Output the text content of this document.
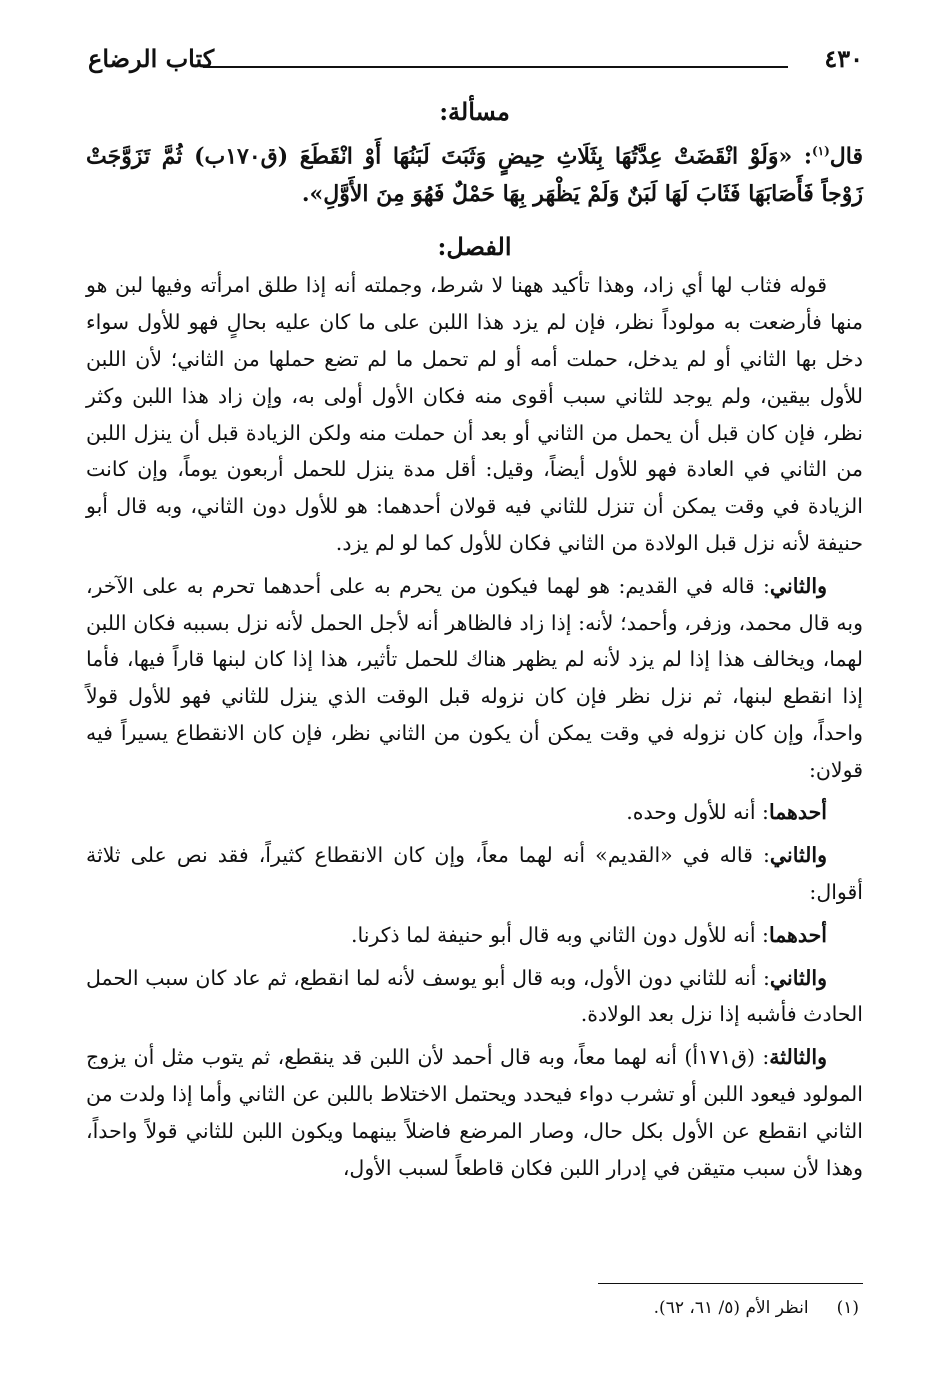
٤٣٠
كتاب الرضاع
مسألة:

قال$^{(١)}$: «وَلَوْ انْقَضَتْ عِدَّتُهَا بِثَلَاثِ حِيضٍ وَثَبَتَ لَبَنُهَا أَوْ انْقَطَعَ (ق١٧٠ب) ثُمَّ تَزَوَّجَتْ زَوْجاً فَأَصَابَهَا فَثَابَ لَهَا لَبَنٌ وَلَمْ يَظْهَر بِهَا حَمْلٌ فَهُوَ مِنَ الأَوَّلِ».

الفصل:

قوله فثاب لها أي زاد، وهذا تأكيد ههنا لا شرط، وجملته أنه إذا طلق امرأته وفيها لبن هو منها فأرضعت به مولوداً نظر، فإن لم يزد هذا اللبن على ما كان عليه بحالٍ فهو للأول سواء دخل بها الثاني أو لم يدخل، حملت أمه أو لم تحمل ما لم تضع حملها من الثاني؛ لأن اللبن للأول بيقين، ولم يوجد للثاني سبب أقوى منه فكان الأول أولى به، وإن زاد هذا اللبن وكثر نظر، فإن كان قبل أن يحمل من الثاني أو بعد أن حملت منه ولكن الزيادة قبل أن ينزل اللبن من الثاني في العادة فهو للأول أيضاً، وقيل: أقل مدة ينزل للحمل أربعون يوماً، وإن كانت الزيادة في وقت يمكن أن تنزل للثاني فيه قولان أحدهما: هو للأول دون الثاني، وبه قال أبو حنيفة لأنه نزل قبل الولادة من الثاني فكان للأول كما لو لم يزد.

والثاني: قاله في القديم: هو لهما فيكون من يحرم به على أحدهما تحرم به على الآخر، وبه قال محمد، وزفر، وأحمد؛ لأنه: إذا زاد فالظاهر أنه لأجل الحمل لأنه نزل بسببه فكان اللبن لهما، ويخالف هذا إذا لم يزد لأنه لم يظهر هناك للحمل تأثير، هذا إذا كان لبنها قاراً فيها، فأما إذا انقطع لبنها، ثم نزل نظر فإن كان نزوله قبل الوقت الذي ينزل للثاني فهو للأول قولاً واحداً، وإن كان نزوله في وقت يمكن أن يكون من الثاني نظر، فإن كان الانقطاع يسيراً فيه قولان:

أحدهما: أنه للأول وحده.

والثاني: قاله في «القديم» أنه لهما معاً، وإن كان الانقطاع كثيراً، فقد نص على ثلاثة أقوال:

أحدهما: أنه للأول دون الثاني وبه قال أبو حنيفة لما ذكرنا.

والثاني: أنه للثاني دون الأول، وبه قال أبو يوسف لأنه لما انقطع، ثم عاد كان سبب الحمل الحادث فأشبه إذا نزل بعد الولادة.

والثالثة: (ق١٧١أ) أنه لهما معاً، وبه قال أحمد لأن اللبن قد ينقطع، ثم يتوب مثل أن يزوج المولود فيعود اللبن أو تشرب دواء فيحدد ويحتمل الاختلاط باللبن عن الثاني وأما إذا ولدت من الثاني انقطع عن الأول بكل حال، وصار المرضع فاضلاً بينهما ويكون اللبن للثاني قولاً واحداً، وهذا لأن سبب متيقن في إدرار اللبن فكان قاطعاً لسبب الأول،

(١)انظر الأم (٥/ ٦١، ٦٢).
